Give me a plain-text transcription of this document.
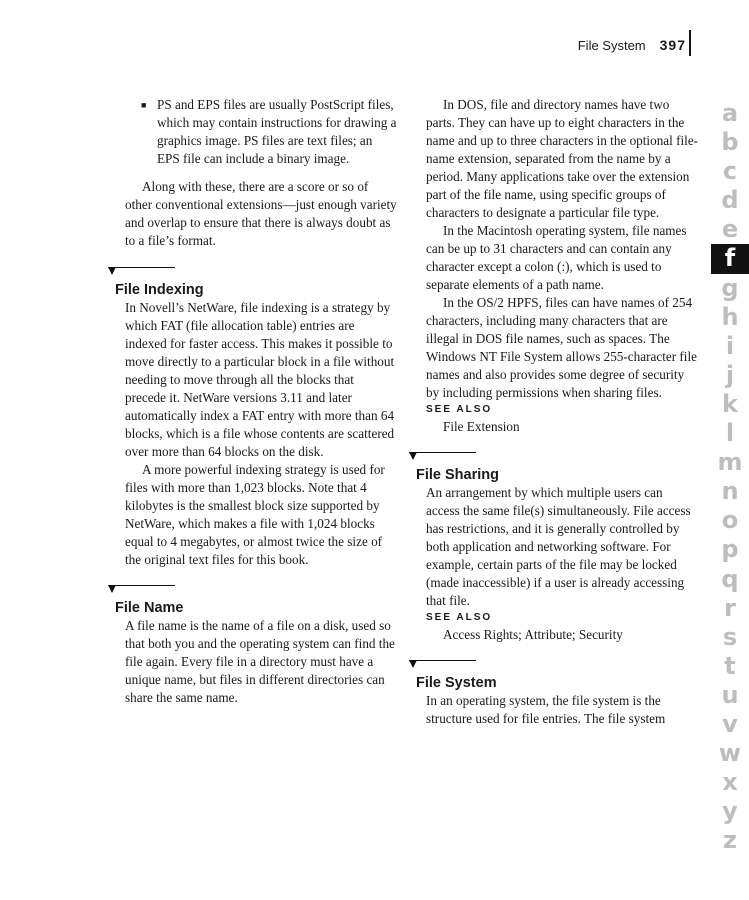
File System 397
■ PS and EPS files are usually PostScript files, which may contain instructions for drawing a graphics image. PS files are text files; an EPS file can include a binary image.

Along with these, there are a score or so of other conventional extensions—just enough variety and overlap to ensure that there is always doubt as to a file’s format.

File Indexing

In Novell’s NetWare, file indexing is a strategy by which FAT (file allocation table) entries are indexed for faster access. This makes it possible to move directly to a particular block in a file without needing to move through all the blocks that precede it. NetWare versions 3.11 and later automatically index a FAT entry with more than 64 blocks, which is a file whose contents are scattered over more than 64 blocks on the disk.

A more powerful indexing strategy is used for files with more than 1,023 blocks. Note that 4 kilobytes is the smallest block size supported by NetWare, which makes a file with 1,024 blocks equal to 4 megabytes, or almost twice the size of the original text files for this book.

File Name

A file name is the name of a file on a disk, used so that both you and the operating system can find the file again. Every file in a directory must have a unique name, but files in different directories can share the same name.

In DOS, file and directory names have two parts. They can have up to eight characters in the name and up to three characters in the optional file-name extension, separated from the name by a period. Many applications take over the extension part of the file name, using specific groups of characters to designate a particular file type.

In the Macintosh operating system, file names can be up to 31 characters and can contain any character except a colon (:), which is used to separate elements of a path name.

In the OS/2 HPFS, files can have names of 254 characters, including many characters that are illegal in DOS file names, such as spaces. The Windows NT File System allows 255-character file names and also provides some degree of security by including permissions when sharing files.

SEE ALSO

File Extension

File Sharing

An arrangement by which multiple users can access the same file(s) simultaneously. File access has restrictions, and it is generally controlled by both application and networking software. For example, certain parts of the file may be locked (made inaccessible) if a user is already accessing that file.

SEE ALSO

Access Rights; Attribute; Security

File System

In an operating system, the file system is the structure used for file entries. The file system

a
b
c
d
e
f
g
h
i
j
k
l
m
n
o
p
q
r
s
t
u
v
w
x
y
z
